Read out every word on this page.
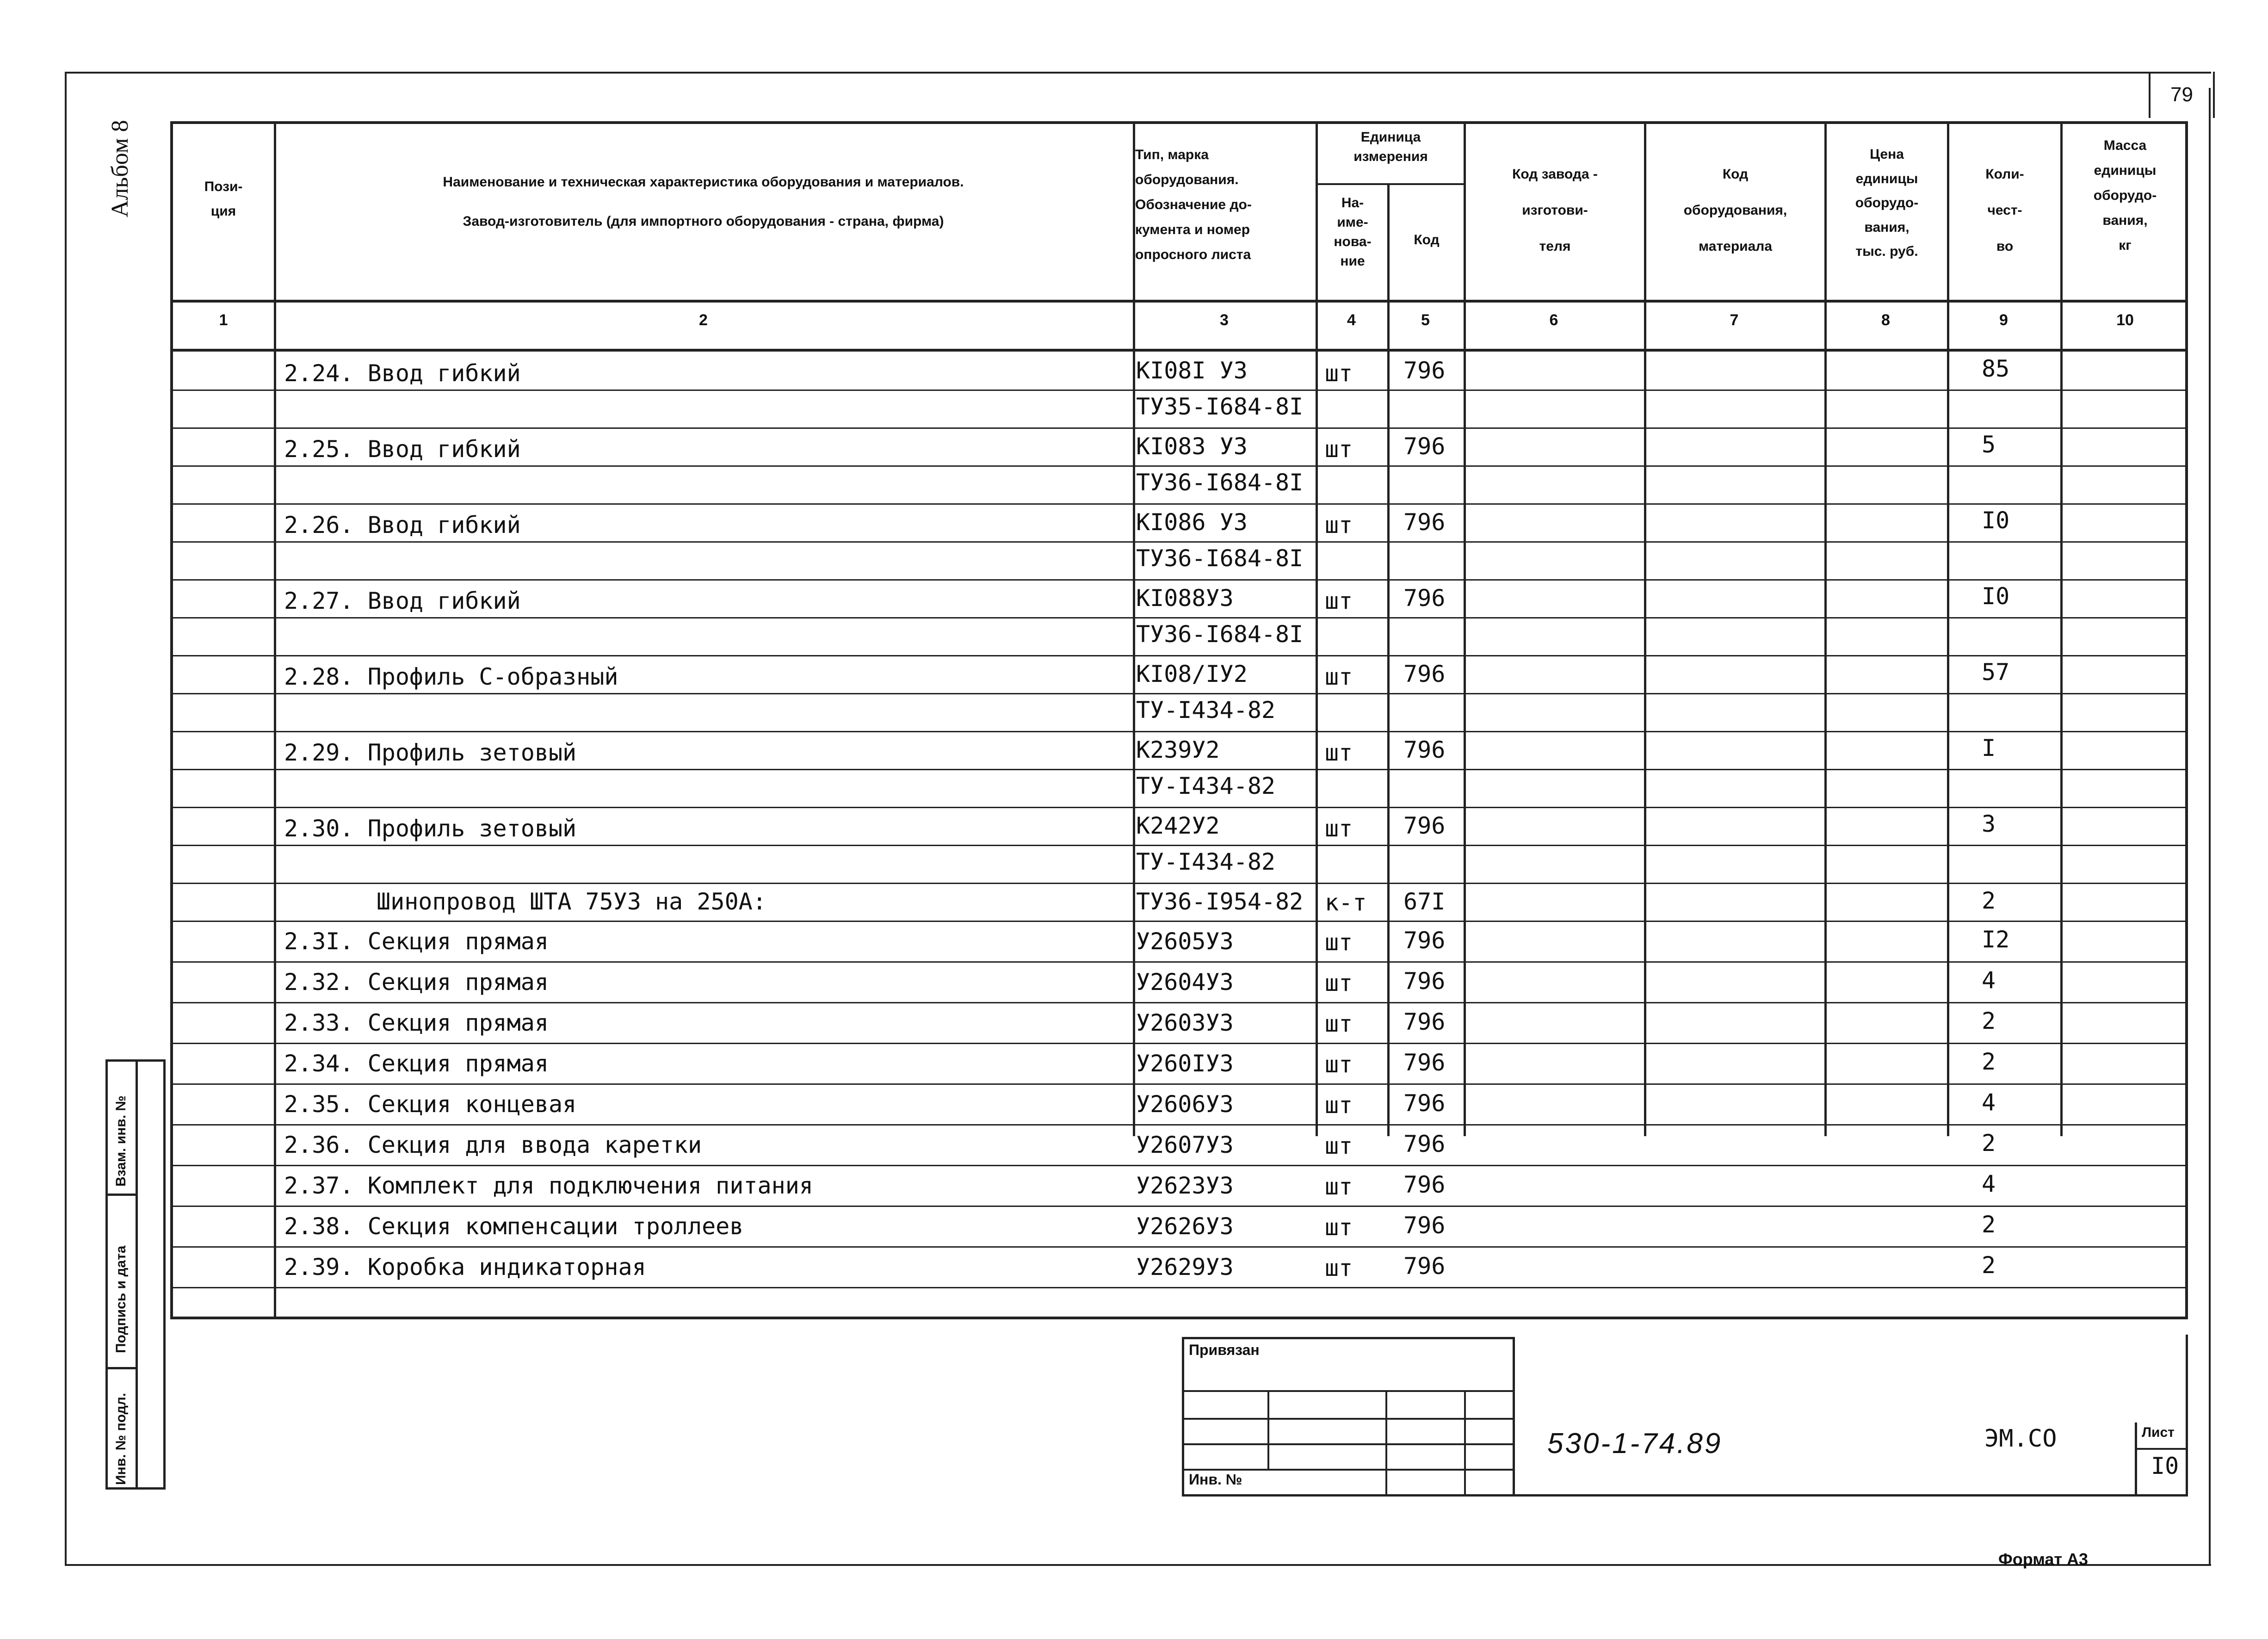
79
Альбом 8
Взам. инв. №
Подпись и дата
Инв. № подл.
Пози-
ция
Наименование и техническая характеристика оборудования и материалов.
Завод-изготовитель (для импортного оборудования - страна, фирма)
Тип, марка
оборудования.
Обозначение до-
кумента и номер
опросного листа
Единица
измерения
На-
име-
нова-
ние
Код
Код завода -
изготови-
теля
Код
оборудования,
материала
Цена
единицы
оборудо-
вания,
тыс. руб.
Коли-
чест-
во
Масса
единицы
оборудо-
вания,
кг
1	2	3	4	5	6	7	8	9	10
2.24. Ввод гибкий	КI08I УЗ	шт 796	85
ТУ35-I684-8I
2.25. Ввод гибкий	КI083 УЗ	шт 796	5
ТУ36-I684-8I
2.26. Ввод гибкий	КI086 УЗ	шт 796	I0
ТУ36-I684-8I
2.27. Ввод гибкий	КI088УЗ	шт 796	I0
ТУ36-I684-8I
2.28. Профиль С-образный	КI08/IУ2	шт 796	57
ТУ-I434-82
2.29. Профиль зетовый	К239У2	шт 796	I
ТУ-I434-82
2.30. Профиль зетовый	К242У2	шт 796	3
ТУ-I434-82
Шинопровод ШТА 75УЗ на 250А:	ТУ36-I954-82 к-т 67I	2
2.3I. Секция прямая	У2605УЗ	шт 796	I2
2.32. Секция прямая	У2604УЗ	шт 796	4
2.33. Секция прямая	У2603УЗ	шт 796	2
2.34. Секция прямая	У260IУЗ	шт 796	2
2.35. Секция концевая	У2606УЗ	шт 796	4
2.36. Секция для ввода каретки	У2607УЗ	шт 796	2
2.37. Комплект для подключения питания	У2623УЗ	шт 796	4
2.38. Секция компенсации троллеев	У2626УЗ	шт 796	2
2.39. Коробка индикаторная	У2629УЗ	шт 796	2
Привязан
Инв. №
530-1-74.89	ЭМ.СО	Лист
I0
Формат А3
